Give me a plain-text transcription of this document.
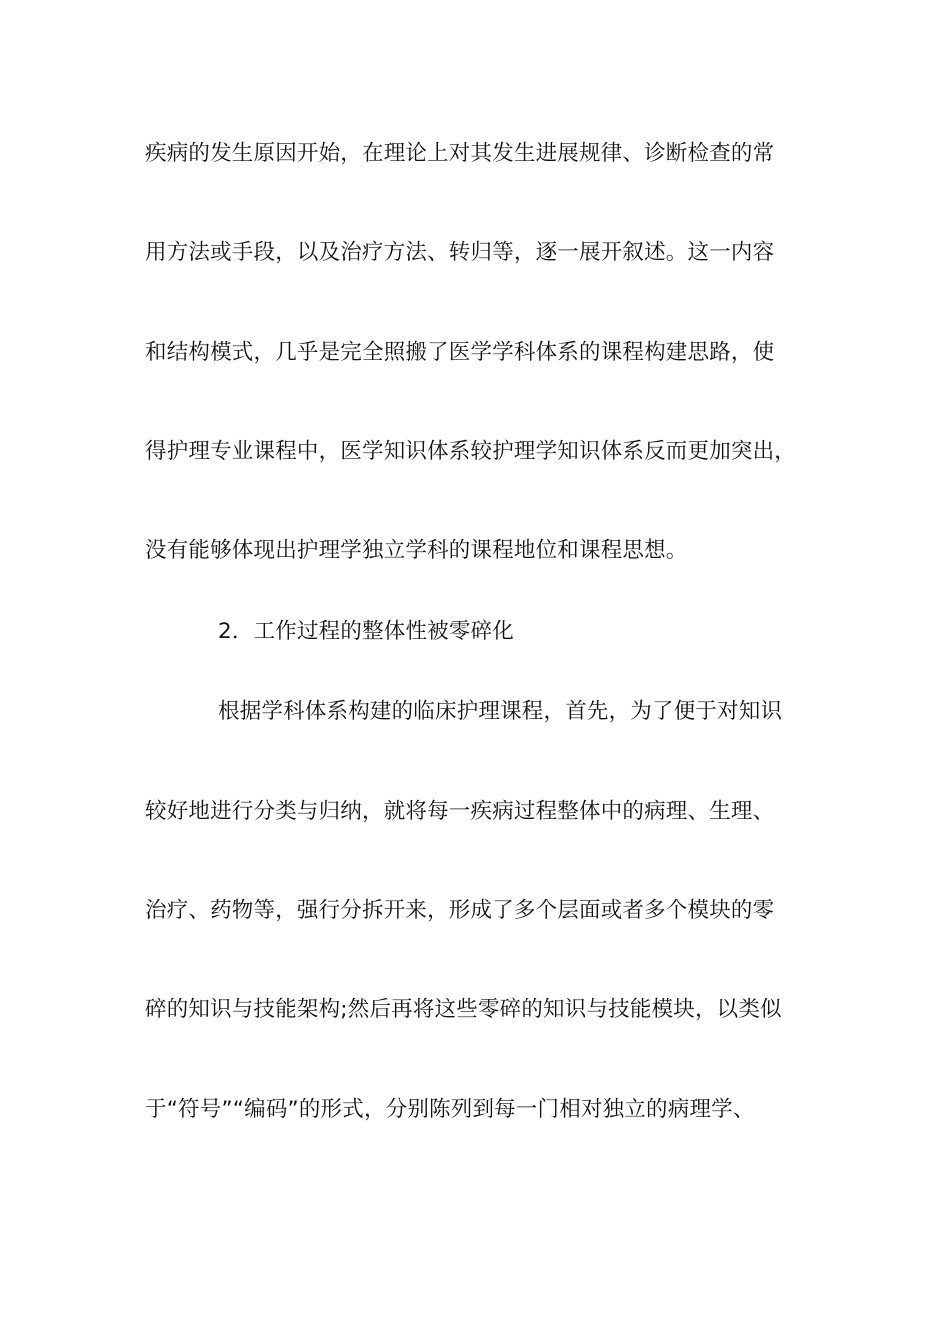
疾病的发生原因开始，在理论上对其发生进展规律、诊断检查的常
用方法或手段，以及治疗方法、转归等，逐一展开叙述。这一内容
和结构模式，几乎是完全照搬了医学学科体系的课程构建思路，使
得护理专业课程中，医学知识体系较护理学知识体系反而更加突出，
没有能够体现出护理学独立学科的课程地位和课程思想。
2．工作过程的整体性被零碎化
根据学科体系构建的临床护理课程，首先，为了便于对知识
较好地进行分类与归纳，就将每一疾病过程整体中的病理、生理、
治疗、药物等，强行分拆开来，形成了多个层面或者多个模块的零
碎的知识与技能架构;然后再将这些零碎的知识与技能模块，以类似
于“符号”“编码”的形式，分别陈列到每一门相对独立的病理学、
